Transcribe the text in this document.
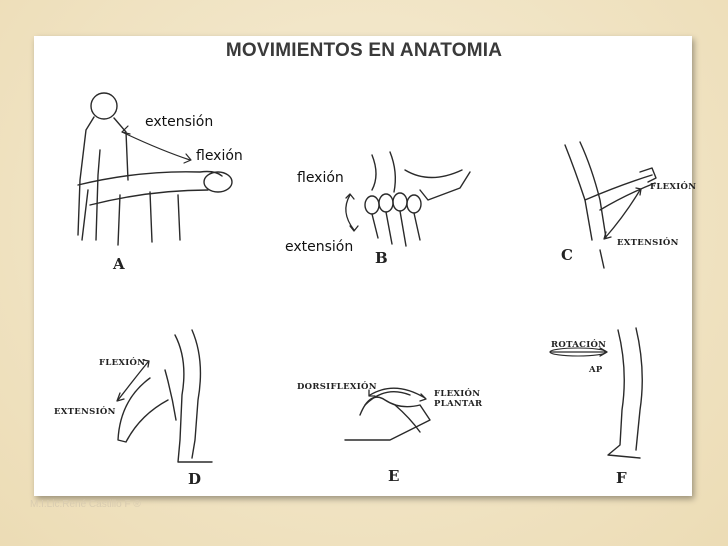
MOVIMIENTOS EN ANATOMIA
extensión
flexión
A
flexión
extensión
B
FLEXIÓN
EXTENSIÓN
C
FLEXIÓN
EXTENSIÓN
D
DORSIFLEXIÓN
FLEXIÓN PLANTAR
E
ROTACIÓN
AP
F
M.I.Lic.René Castillo F ®
